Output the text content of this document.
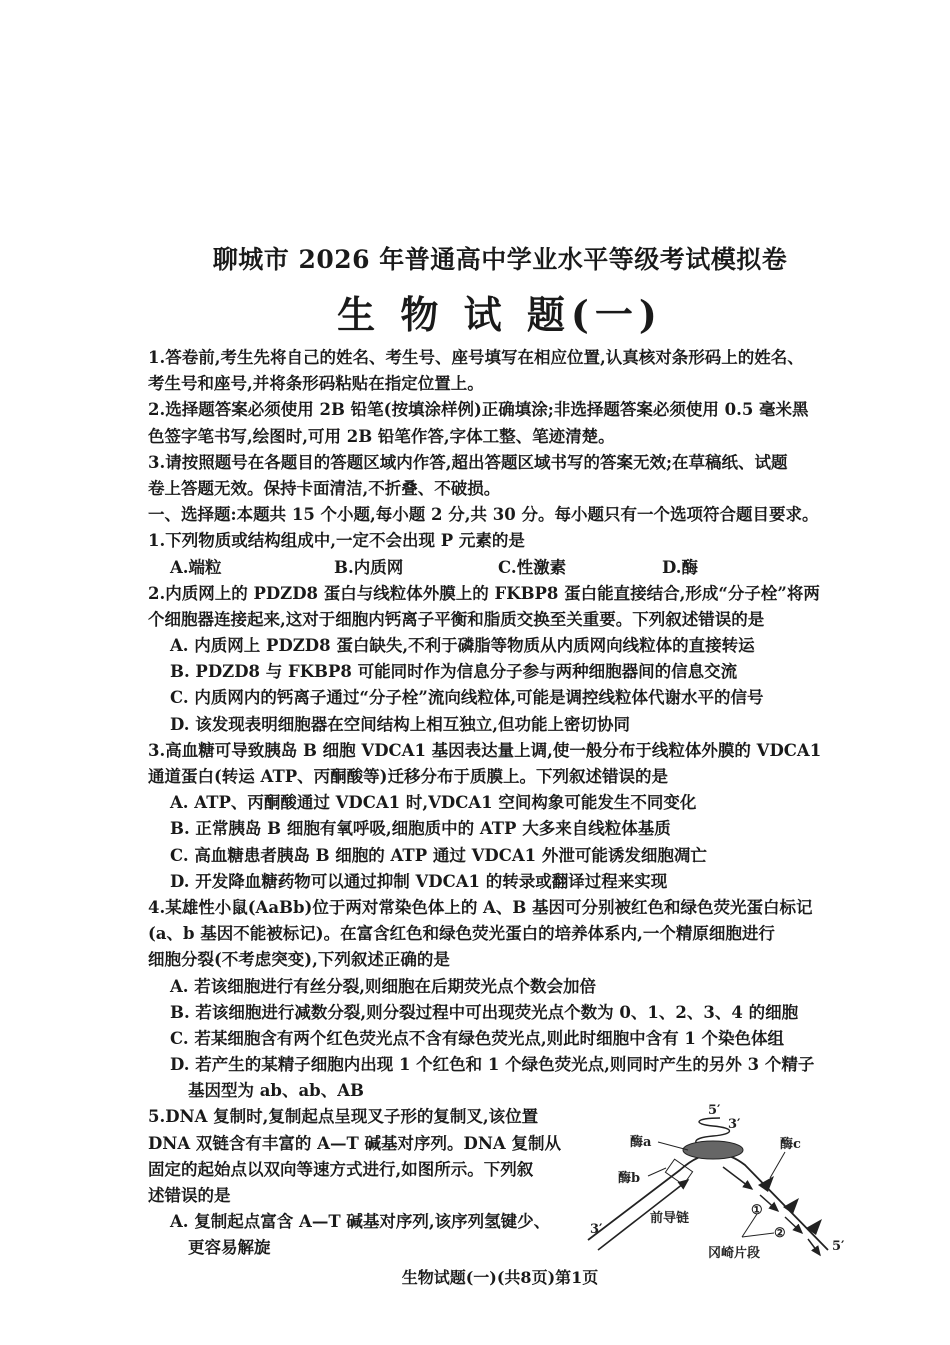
聊城市 2026 年普通高中学业水平等级考试模拟卷
生 物 试 题(一)
1.答卷前,考生先将自己的姓名、考生号、座号填写在相应位置,认真核对条形码上的姓名、
考生号和座号,并将条形码粘贴在指定位置上。
2.选择题答案必须使用 2B 铅笔(按填涂样例)正确填涂;非选择题答案必须使用 0.5 毫米黑
色签字笔书写,绘图时,可用 2B 铅笔作答,字体工整、笔迹清楚。
3.请按照题号在各题目的答题区域内作答,超出答题区域书写的答案无效;在草稿纸、试题
卷上答题无效。保持卡面清洁,不折叠、不破损。
一、选择题:本题共 15 个小题,每小题 2 分,共 30 分。每小题只有一个选项符合题目要求。
1.下列物质或结构组成中,一定不会出现 P 元素的是
A.端粒	B.内质网	C.性激素	D.酶
2.内质网上的 PDZD8 蛋白与线粒体外膜上的 FKBP8 蛋白能直接结合,形成“分子栓”将两
个细胞器连接起来,这对于细胞内钙离子平衡和脂质交换至关重要。下列叙述错误的是
A. 内质网上 PDZD8 蛋白缺失,不利于磷脂等物质从内质网向线粒体的直接转运
B. PDZD8 与 FKBP8 可能同时作为信息分子参与两种细胞器间的信息交流
C. 内质网内的钙离子通过“分子栓”流向线粒体,可能是调控线粒体代谢水平的信号
D. 该发现表明细胞器在空间结构上相互独立,但功能上密切协同
3.高血糖可导致胰岛 B 细胞 VDCA1 基因表达量上调,使一般分布于线粒体外膜的 VDCA1
通道蛋白(转运 ATP、丙酮酸等)迁移分布于质膜上。下列叙述错误的是
A. ATP、丙酮酸通过 VDCA1 时,VDCA1 空间构象可能发生不同变化
B. 正常胰岛 B 细胞有氧呼吸,细胞质中的 ATP 大多来自线粒体基质
C. 高血糖患者胰岛 B 细胞的 ATP 通过 VDCA1 外泄可能诱发细胞凋亡
D. 开发降血糖药物可以通过抑制 VDCA1 的转录或翻译过程来实现
4.某雄性小鼠(AaBb)位于两对常染色体上的 A、B 基因可分别被红色和绿色荧光蛋白标记
(a、b 基因不能被标记)。在富含红色和绿色荧光蛋白的培养体系内,一个精原细胞进行
细胞分裂(不考虑突变),下列叙述正确的是
A. 若该细胞进行有丝分裂,则细胞在后期荧光点个数会加倍
B. 若该细胞进行减数分裂,则分裂过程中可出现荧光点个数为 0、1、2、3、4 的细胞
C. 若某细胞含有两个红色荧光点不含有绿色荧光点,则此时细胞中含有 1 个染色体组
D. 若产生的某精子细胞内出现 1 个红色和 1 个绿色荧光点,则同时产生的另外 3 个精子
基因型为 ab、ab、AB
5.DNA 复制时,复制起点呈现叉子形的复制叉,该位置
DNA 双链含有丰富的 A—T 碱基对序列。DNA 复制从
固定的起始点以双向等速方式进行,如图所示。下列叙
述错误的是
A. 复制起点富含 A—T 碱基对序列,该序列氢键少、
更容易解旋
5′
3′
酶a
酶b
酶c
前导链
3′
5′
①
②
冈崎片段
生物试题(一)(共8页)第1页
